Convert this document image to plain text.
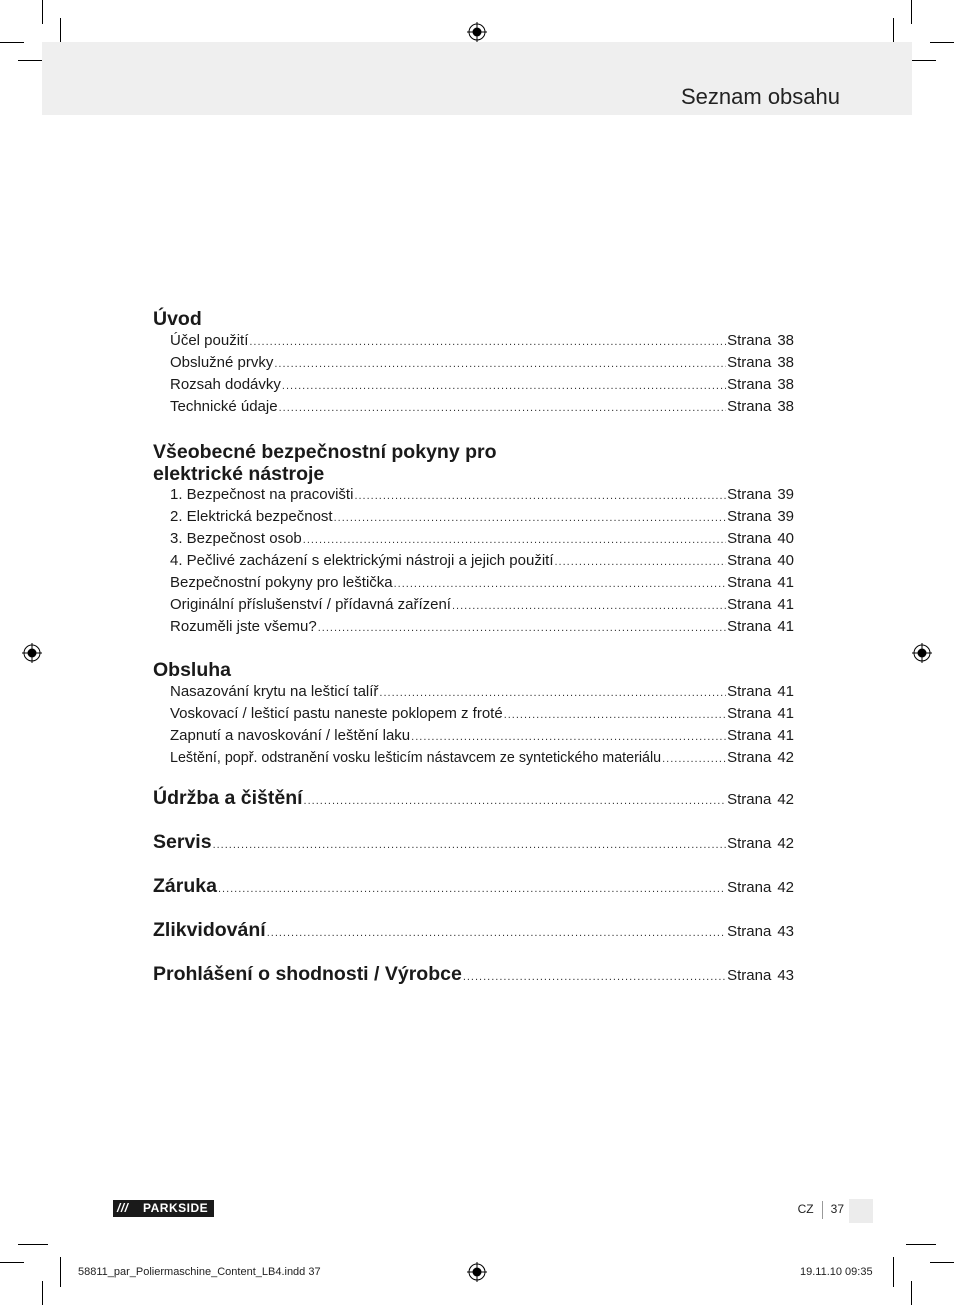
Seznam obsahu
Úvod
Účel použití .....	Strana 38
Obslužné prvky .....	Strana 38
Rozsah dodávky .....	Strana 38
Technické údaje .....	Strana 38
Všeobecné bezpečnostní pokyny pro
elektrické nástroje
1. Bezpečnost na pracovišti .....	Strana 39
2. Elektrická bezpečnost .....	Strana 39
3. Bezpečnost osob .....	Strana 40
4. Pečlivé zacházení s elektrickými nástroji a jejich použití .....	Strana 40
Bezpečnostní pokyny pro leštička .....	Strana 41
Originální příslušenství / přídavná zařízení .....	Strana 41
Rozuměli jste všemu? .....	Strana 41
Obsluha
Nasazování krytu na lešticí talíř .....	Strana 41
Voskovací / lešticí pastu naneste poklopem z froté .....	Strana 41
Zapnutí a navoskování / leštění laku .....	Strana 41
Leštění, popř. odstranění vosku lešticím nástavcem ze syntetického materiálu .....	Strana 42
Údržba a čištění .....	Strana 42
Servis .....	Strana 42
Záruka .....	Strana 42
Zlikvidování .....	Strana 43
Prohlášení o shodnosti / Výrobce .....	Strana 43
/// PARKSIDE	CZ 37
58811_par_Poliermaschine_Content_LB4.indd 37	19.11.10 09:35
